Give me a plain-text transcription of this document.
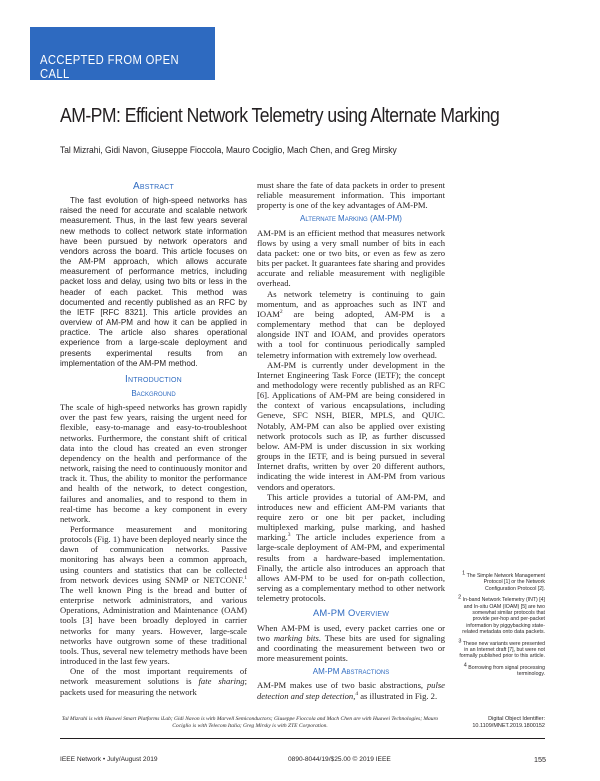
ACCEPTED FROM OPEN CALL
AM-PM: Efficient Network Telemetry using Alternate Marking
Tal Mizrahi, Gidi Navon, Giuseppe Fioccola, Mauro Cociglio, Mach Chen, and Greg Mirsky
Abstract

The fast evolution of high-speed networks has raised the need for accurate and scalable network measurement. Thus, in the last few years several new methods to collect network state information have been pursued by network operators and vendors across the board. This article focuses on the AM-PM approach, which allows accurate measurement of performance metrics, including packet loss and delay, using two bits or less in the header of each packet. This method was documented and recently published as an RFC by the IETF [RFC 8321]. This article provides an overview of AM-PM and how it can be applied in practice. The article also shares operational experience from a large-scale deployment and presents experimental results from an implementation of the AM-PM method.

Introduction
Background

The scale of high-speed networks has grown rapidly over the past few years, raising the urgent need for flexible, easy-to-manage and easy-to-troubleshoot networks. Furthermore, the constant shift of critical data into the cloud has created an even stronger dependency on the health and performance of the network, raising the need to continuously monitor and track it. Thus, the ability to monitor the performance and health of the network, to detect congestion, failures and anomalies, and to respond to them in real-time has become a key component in every network.

Performance measurement and monitoring protocols (Fig. 1) have been deployed nearly since the dawn of communication networks. Passive monitoring has always been a common approach, using counters and statistics that can be collected from network devices using SNMP or NETCONF.$^1$ The well known Ping is the bread and butter of enterprise network administrators, and various Operations, Administration and Maintenance (OAM) tools [3] have been broadly deployed in carrier networks for many years. However, large-scale networks have outgrown some of these traditional tools. Thus, several new telemetry methods have been introduced in the last few years.

One of the most important requirements of network measurement solutions is fate sharing; packets used for measuring the network

must share the fate of data packets in order to present reliable measurement information. This important property is one of the key advantages of AM-PM.

Alternate Marking (AM-PM)

AM-PM is an efficient method that measures network flows by using a very small number of bits in each data packet: one or two bits, or even as few as zero bits per packet. It guarantees fate sharing and provides accurate and reliable measurement with negligible overhead.

As network telemetry is continuing to gain momentum, and as approaches such as INT and IOAM$^2$ are being adopted, AM-PM is a complementary method that can be deployed alongside INT and IOAM, and provides operators with a tool for continuous periodically sampled telemetry information with extremely low overhead.

AM-PM is currently under development in the Internet Engineering Task Force (IETF); the concept and methodology were recently published as an RFC [6]. Applications of AM-PM are being considered in the context of various encapsulations, including Geneve, SFC NSH, BIER, MPLS, and QUIC. Notably, AM-PM can also be applied over existing network protocols such as IP, as further discussed below. AM-PM is under discussion in six working groups in the IETF, and is being pursued in several Internet drafts, written by over 20 different authors, indicating the wide interest in AM-PM from various vendors and operators.

This article provides a tutorial of AM-PM, and introduces new and efficient AM-PM variants that require zero or one bit per packet, including multiplexed marking, pulse marking, and hashed marking.$^3$ The article includes experience from a large-scale deployment of AM-PM, and experimental results from a hardware-based implementation. Finally, the article also introduces an approach that allows AM-PM to be used for on-path collection, serving as a complementary method to other network telemetry protocols.

AM-PM Overview

When AM-PM is used, every packet carries one or two marking bits. These bits are used for signaling and coordinating the measurement between two or more measurement points.

AM-PM Abstractions

AM-PM makes use of two basic abstractions, pulse detection and step detection,$^4$ as illustrated in Fig. 2.

$^1$ The Simple Network Management Protocol [1] or the Network Configuration Protocol [2].

$^2$ In-band Network Telemetry (INT) [4] and In-situ OAM (IOAM) [5] are two somewhat similar protocols that provide per-hop and per-packet information by piggybacking state-related metadata onto data packets.

$^3$ These new variants were presented in an Internet draft [7], but were not formally published prior to this article.

$^4$ Borrowing from signal processing terminology.

Tal Mizrahi is with Huawei Smart Platforms iLab; Gidi Navon is with Marvell Semiconductors; Giuseppe Fioccola and Mach Chen are with Huawei Technologies; Mauro Cociglio is with Telecom Italia; Greg Mirsky is with ZTE Corporation.
Digital Object Identifier:
10.1109/MNET.2019.1800152
IEEE Network • July/August 2019	0890-8044/19/$25.00 © 2019 IEEE	155
